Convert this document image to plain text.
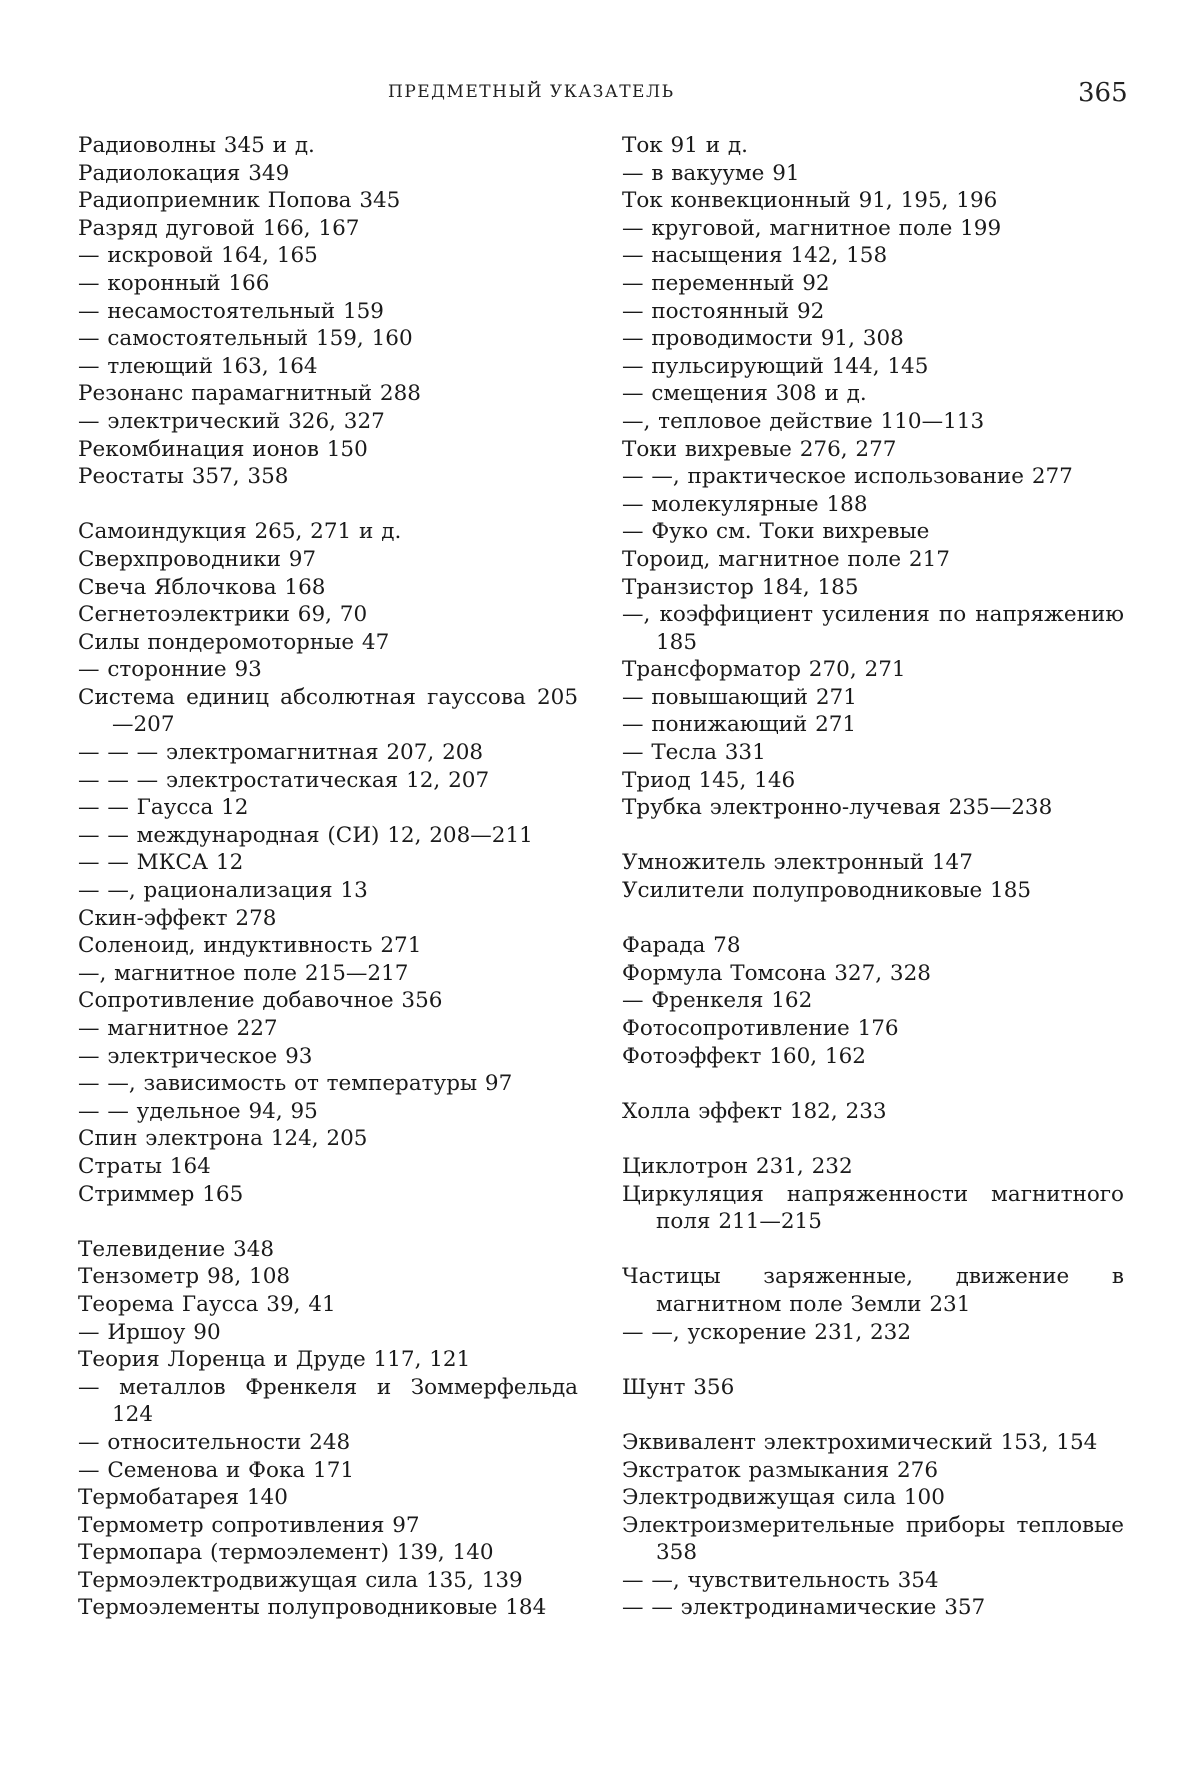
ПРЕДМЕТНЫЙ УКАЗАТЕЛЬ	365

Радиоволны 345 и д.

Радиолокация 349

Радиоприемник Попова 345

Разряд дуговой 166, 167

— искровой 164, 165

— коронный 166

— несамостоятельный 159

— самостоятельный 159, 160

— тлеющий 163, 164

Резонанс парамагнитный 288

— электрический 326, 327

Рекомбинация ионов 150

Реостаты 357, 358

Самоиндукция 265, 271 и д.

Сверхпроводники 97

Свеча Яблочкова 168

Сегнетоэлектрики 69, 70

Силы пондеромоторные 47

— сторонние 93

Система единиц абсолютная гауссова 205—207

— — — электромагнитная 207, 208

— — — электростатическая 12, 207

— — Гаусса 12

— — международная (СИ) 12, 208—211

— — МКСА 12

— —, рационализация 13

Скин-эффект 278

Соленоид, индуктивность 271

—, магнитное поле 215—217

Сопротивление добавочное 356

— магнитное 227

— электрическое 93

— —, зависимость от температуры 97

— — удельное 94, 95

Спин электрона 124, 205

Страты 164

Стриммер 165

Телевидение 348

Тензометр 98, 108

Теорема Гаусса 39, 41

— Иршоу 90

Теория Лоренца и Друде 117, 121

— металлов Френкеля и Зоммерфельда 124

— относительности 248

— Семенова и Фока 171

Термобатарея 140

Термометр сопротивления 97

Термопара (термоэлемент) 139, 140

Термоэлектродвижущая сила 135, 139

Термоэлементы полупроводниковые 184

Ток 91 и д.

— в вакууме 91

Ток конвекционный 91, 195, 196

— круговой, магнитное поле 199

— насыщения 142, 158

— переменный 92

— постоянный 92

— проводимости 91, 308

— пульсирующий 144, 145

— смещения 308 и д.

—, тепловое действие 110—113

Токи вихревые 276, 277

— —, практическое использование 277

— молекулярные 188

— Фуко см. Токи вихревые

Тороид, магнитное поле 217

Транзистор 184, 185

—, коэффициент усиления по напряжению 185

Трансформатор 270, 271

— повышающий 271

— понижающий 271

— Тесла 331

Триод 145, 146

Трубка электронно-лучевая 235—238

Умножитель электронный 147

Усилители полупроводниковые 185

Фарада 78

Формула Томсона 327, 328

— Френкеля 162

Фотосопротивление 176

Фотоэффект 160, 162

Холла эффект 182, 233

Циклотрон 231, 232

Циркуляция напряженности магнитного поля 211—215

Частицы заряженные, движение в магнитном поле Земли 231

— —, ускорение 231, 232

Шунт 356

Эквивалент электрохимический 153, 154

Экстраток размыкания 276

Электродвижущая сила 100

Электроизмерительные приборы тепловые 358

— —, чувствительность 354

— — электродинамические 357
